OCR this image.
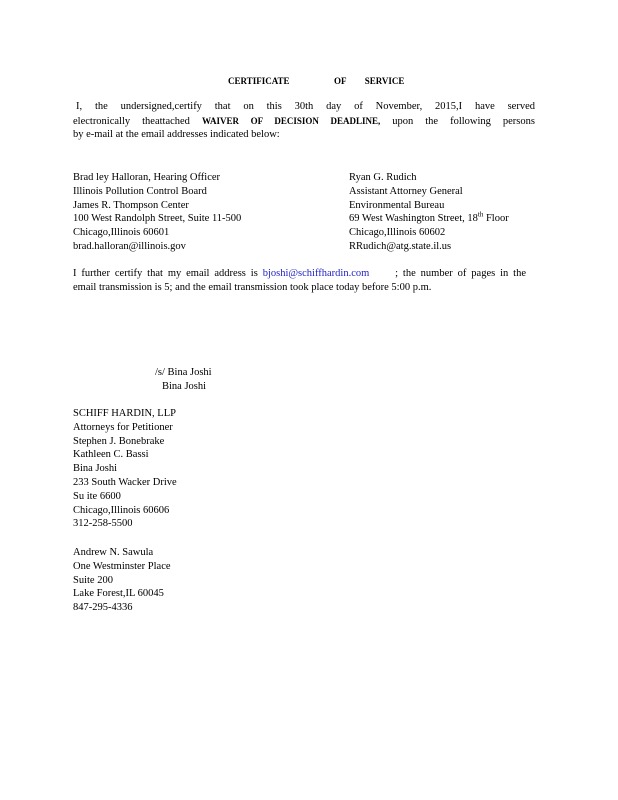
CERTIFICATE	OF SERVICE
I, the undersigned,certify that on this 30th day of November, 2015,I have served
electronically theattached WAIVER OF DECISION DEADLINE, upon the following persons
by e-mail at the email addresses indicated below:
Brad ley Halloran, Hearing Officer
Illinois Pollution Control Board
James R. Thompson Center
100 West Randolph Street, Suite 11-500
Chicago,Illinois 60601
brad.halloran@illinois.gov
Ryan G. Rudich
Assistant Attorney General
Environmental Bureau
69 West Washington Street, 18th Floor
Chicago,Illinois 60602
RRudich@atg.state.il.us
I further certify that my email address is bjoshi@schiffhardin.com ; the number of pages in the
email transmission is 5; and the email transmission took place today before 5:00 p.m.
/s/ Bina Joshi
Bina Joshi
SCHIFF HARDIN, LLP
Attorneys for Petitioner
Stephen J. Bonebrake
Kathleen C. Bassi
Bina Joshi
233 South Wacker Drive
Su ite 6600
Chicago,Illinois 60606
312-258-5500
Andrew N. Sawula
One Westminster Place
Suite 200
Lake Forest,IL 60045
847-295-4336
